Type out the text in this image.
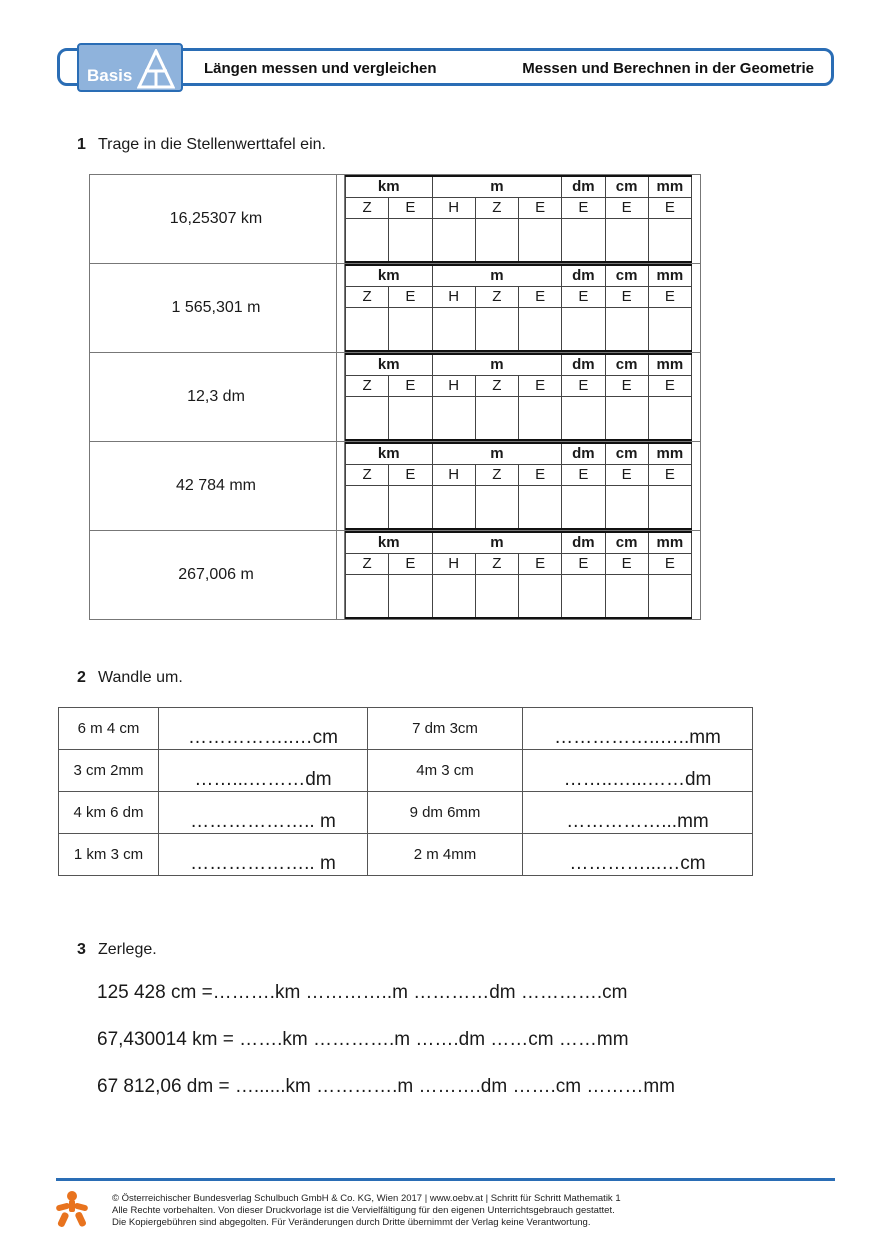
Basis	Längen messen und vergleichen	Messen und Berechnen in der Geometrie
1 Trage in die Stellenwerttafel ein.
16,25307 km		
km	m	dm	cm	mm
Z	E	H	Z	E	E	E	E

1 565,301 m		
km	m	dm	cm	mm
Z	E	H	Z	E	E	E	E

12,3 dm		
km	m	dm	cm	mm
Z	E	H	Z	E	E	E	E

42 784 mm		
km	m	dm	cm	mm
Z	E	H	Z	E	E	E	E

267,006 m		
km	m	dm	cm	mm
Z	E	H	Z	E	E	E	E

2 Wandle um.
6 m 4 cm	……………..…cm	7 dm 3cm	……………..…..mm
3 cm 2mm	……...………dm	4m 3 cm	……..…...……dm
4 km 6 dm	……………….. m	9 dm 6mm	……………...mm
1 km 3 cm	……………….. m	2 m 4mm	…………...…cm
3 Zerlege.
125 428 cm =……….km …………..m …………dm ………….cm
67,430014 km = …….km ………….m …….dm ……cm ……mm
67 812,06 dm = …......km ………….m ……….dm …….cm ………mm
© Österreichischer Bundesverlag Schulbuch GmbH & Co. KG, Wien 2017 | www.oebv.at | Schritt für Schritt Mathematik 1
Alle Rechte vorbehalten. Von dieser Druckvorlage ist die Vervielfältigung für den eigenen Unterrichtsgebrauch gestattet.
Die Kopiergebühren sind abgegolten. Für Veränderungen durch Dritte übernimmt der Verlag keine Verantwortung.
